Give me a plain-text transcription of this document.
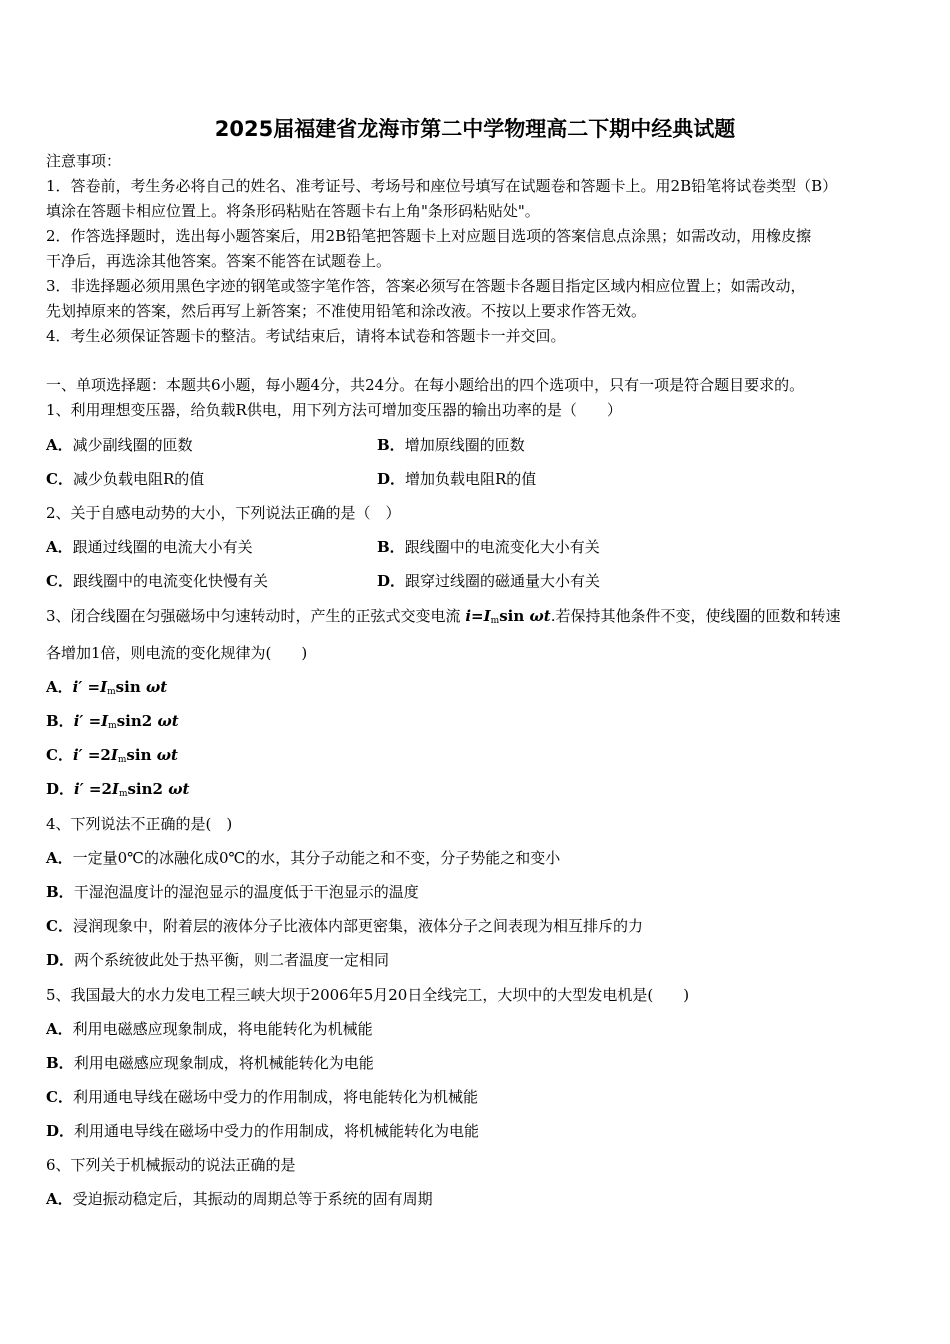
2025届福建省龙海市第二中学物理高二下期中经典试题
注意事项：
1．答卷前，考生务必将自己的姓名、准考证号、考场号和座位号填写在试题卷和答题卡上。用2B铅笔将试卷类型（B）
填涂在答题卡相应位置上。将条形码粘贴在答题卡右上角"条形码粘贴处"。
2．作答选择题时，选出每小题答案后，用2B铅笔把答题卡上对应题目选项的答案信息点涂黑；如需改动，用橡皮擦
干净后，再选涂其他答案。答案不能答在试题卷上。
3．非选择题必须用黑色字迹的钢笔或签字笔作答，答案必须写在答题卡各题目指定区域内相应位置上；如需改动，
先划掉原来的答案，然后再写上新答案；不准使用铅笔和涂改液。不按以上要求作答无效。
4．考生必须保证答题卡的整洁。考试结束后，请将本试卷和答题卡一并交回。
一、单项选择题：本题共6小题，每小题4分，共24分。在每小题给出的四个选项中，只有一项是符合题目要求的。
1、利用理想变压器，给负载R供电，用下列方法可增加变压器的输出功率的是（　　）
A．减少副线圈的匝数	B．增加原线圈的匝数
C．减少负载电阻R的值	D．增加负载电阻R的值
2、关于自感电动势的大小，下列说法正确的是（　）
A．跟通过线圈的电流大小有关	B．跟线圈中的电流变化大小有关
C．跟线圈中的电流变化快慢有关	D．跟穿过线圈的磁通量大小有关
3、闭合线圈在匀强磁场中匀速转动时，产生的正弦式交变电流 $i=I_m\sin$ ωt.若保持其他条件不变，使线圈的匝数和转速
各增加1倍，则电流的变化规律为(　　)
A．$i' =I_m\sin$ ωt
B．$i' =I_m\sin 2$ ωt
C．$i' =2I_m\sin$ ωt
D．$i' =2I_m\sin 2$ ωt
4、下列说法不正确的是(　)
A．一定量0℃的冰融化成0℃的水，其分子动能之和不变，分子势能之和变小
B．干湿泡温度计的湿泡显示的温度低于干泡显示的温度
C．浸润现象中，附着层的液体分子比液体内部更密集，液体分子之间表现为相互排斥的力
D．两个系统彼此处于热平衡，则二者温度一定相同
5、我国最大的水力发电工程三峡大坝于2006年5月20日全线完工，大坝中的大型发电机是(　　)
A．利用电磁感应现象制成，将电能转化为机械能
B．利用电磁感应现象制成，将机械能转化为电能
C．利用通电导线在磁场中受力的作用制成，将电能转化为机械能
D．利用通电导线在磁场中受力的作用制成，将机械能转化为电能
6、下列关于机械振动的说法正确的是
A．受迫振动稳定后，其振动的周期总等于系统的固有周期
